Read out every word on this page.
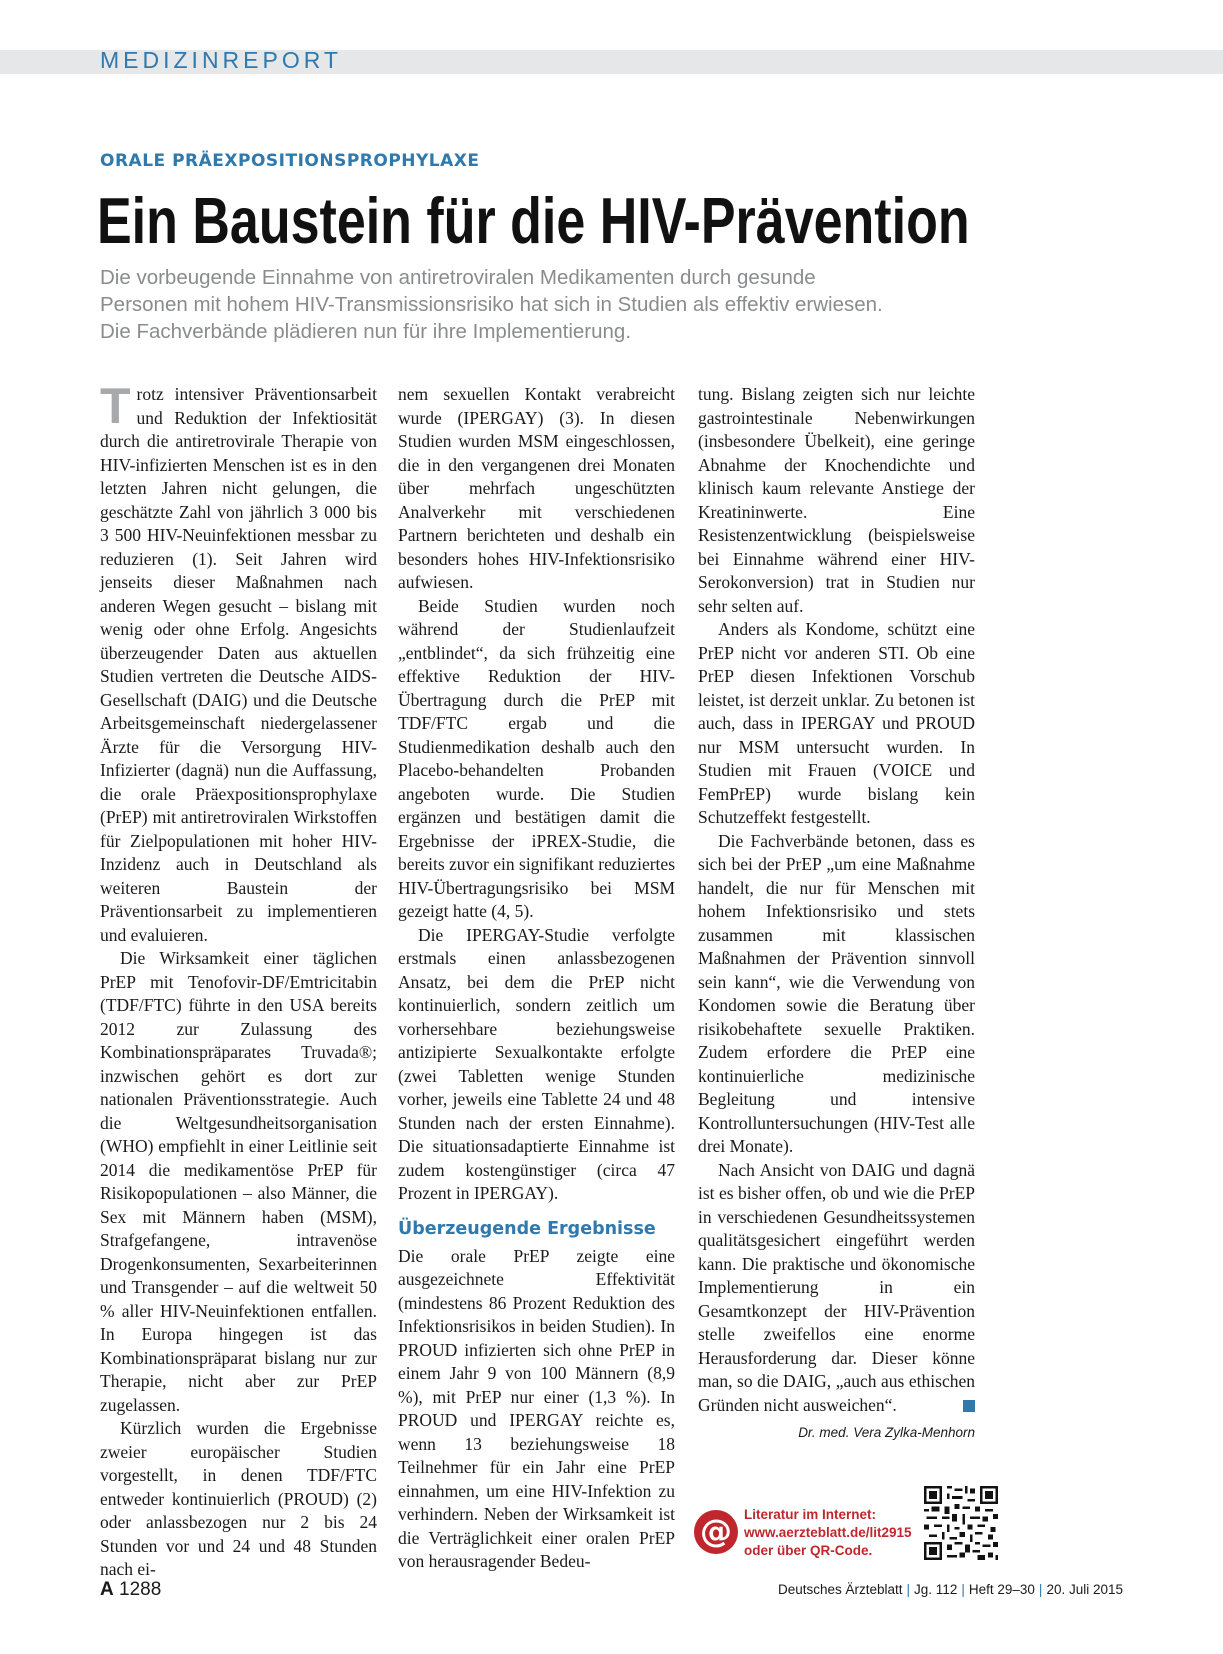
MEDIZINREPORT
ORALE PRÄEXPOSITIONSPROPHYLAXE
Ein Baustein für die HIV-Prävention

Die vorbeugende Einnahme von antiretroviralen Medikamenten durch gesunde Personen mit hohem HIV-Transmissionsrisiko hat sich in Studien als effektiv erwiesen. Die Fachverbände plädieren nun für ihre Implementierung.

Trotz intensiver Präventionsarbeit und Reduktion der Infektiosität durch die antiretrovirale Therapie von HIV-infizierten Menschen ist es in den letzten Jahren nicht gelungen, die geschätzte Zahl von jährlich 3 000 bis 3 500 HIV-Neuinfektionen messbar zu reduzieren (1). Seit Jahren wird jenseits dieser Maßnahmen nach anderen Wegen gesucht – bislang mit wenig oder ohne Erfolg. Angesichts überzeugender Daten aus aktuellen Studien vertreten die Deutsche AIDS-Gesellschaft (DAIG) und die Deutsche Arbeitsgemeinschaft niedergelassener Ärzte für die Versorgung HIV-Infizierter (dagnä) nun die Auffassung, die orale Präexpositionsprophylaxe (PrEP) mit antiretroviralen Wirkstoffen für Zielpopulationen mit hoher HIV-Inzidenz auch in Deutschland als weiteren Baustein der Präventionsarbeit zu implementieren und evaluieren.

Die Wirksamkeit einer täglichen PrEP mit Tenofovir-DF/Emtricitabin (TDF/FTC) führte in den USA bereits 2012 zur Zulassung des Kombinationspräparates Truvada®; inzwischen gehört es dort zur nationalen Präventionsstrategie. Auch die Weltgesundheitsorganisation (WHO) empfiehlt in einer Leitlinie seit 2014 die medikamentöse PrEP für Risikopopulationen – also Männer, die Sex mit Männern haben (MSM), Strafgefangene, intravenöse Drogenkonsumenten, Sexarbeiterinnen und Transgender – auf die weltweit 50 % aller HIV-Neuinfektionen entfallen. In Europa hingegen ist das Kombinationspräparat bislang nur zur Therapie, nicht aber zur PrEP zugelassen.

Kürzlich wurden die Ergebnisse zweier europäischer Studien vorgestellt, in denen TDF/FTC entweder kontinuierlich (PROUD) (2) oder anlassbezogen nur 2 bis 24 Stunden vor und 24 und 48 Stunden nach ei-

nem sexuellen Kontakt verabreicht wurde (IPERGAY) (3). In diesen Studien wurden MSM eingeschlossen, die in den vergangenen drei Monaten über mehrfach ungeschützten Analverkehr mit verschiedenen Partnern berichteten und deshalb ein besonders hohes HIV-Infektionsrisiko aufwiesen.

Beide Studien wurden noch während der Studienlaufzeit „entblindet“, da sich frühzeitig eine effektive Reduktion der HIV-Übertragung durch die PrEP mit TDF/FTC ergab und die Studienmedikation deshalb auch den Placebo-behandelten Probanden angeboten wurde. Die Studien ergänzen und bestätigen damit die Ergebnisse der iPREX-Studie, die bereits zuvor ein signifikant reduziertes HIV-Übertragungsrisiko bei MSM gezeigt hatte (4, 5).

Die IPERGAY-Studie verfolgte erstmals einen anlassbezogenen Ansatz, bei dem die PrEP nicht kontinuierlich, sondern zeitlich um vorhersehbare beziehungsweise antizipierte Sexualkontakte erfolgte (zwei Tabletten wenige Stunden vorher, jeweils eine Tablette 24 und 48 Stunden nach der ersten Einnahme). Die situationsadaptierte Einnahme ist zudem kostengünstiger (circa 47 Prozent in IPERGAY).

Überzeugende Ergebnisse

Die orale PrEP zeigte eine ausgezeichnete Effektivität (mindestens 86 Prozent Reduktion des Infektionsrisikos in beiden Studien). In PROUD infizierten sich ohne PrEP in einem Jahr 9 von 100 Männern (8,9 %), mit PrEP nur einer (1,3 %). In PROUD und IPERGAY reichte es, wenn 13 beziehungsweise 18 Teilnehmer für ein Jahr eine PrEP einnahmen, um eine HIV-Infektion zu verhindern. Neben der Wirksamkeit ist die Verträglichkeit einer oralen PrEP von herausragender Bedeu-

tung. Bislang zeigten sich nur leichte gastrointestinale Nebenwirkungen (insbesondere Übelkeit), eine geringe Abnahme der Knochendichte und klinisch kaum relevante Anstiege der Kreatininwerte. Eine Resistenzentwicklung (beispielsweise bei Einnahme während einer HIV-Serokonversion) trat in Studien nur sehr selten auf.

Anders als Kondome, schützt eine PrEP nicht vor anderen STI. Ob eine PrEP diesen Infektionen Vorschub leistet, ist derzeit unklar. Zu betonen ist auch, dass in IPERGAY und PROUD nur MSM untersucht wurden. In Studien mit Frauen (VOICE und FemPrEP) wurde bislang kein Schutzeffekt festgestellt.

Die Fachverbände betonen, dass es sich bei der PrEP „um eine Maßnahme handelt, die nur für Menschen mit hohem Infektionsrisiko und stets zusammen mit klassischen Maßnahmen der Prävention sinnvoll sein kann“, wie die Verwendung von Kondomen sowie die Beratung über risikobehaftete sexuelle Praktiken. Zudem erfordere die PrEP eine kontinuierliche medizinische Begleitung und intensive Kontrolluntersuchungen (HIV-Test alle drei Monate).

Nach Ansicht von DAIG und dagnä ist es bisher offen, ob und wie die PrEP in verschiedenen Gesundheitssystemen qualitätsgesichert eingeführt werden kann. Die praktische und ökonomische Implementierung in ein Gesamtkonzept der HIV-Prävention stelle zweifellos eine enorme Herausforderung dar. Dieser könne man, so die DAIG, „auch aus ethischen Gründen nicht ausweichen“.

Dr. med. Vera Zylka-Menhorn
@ Literatur im Internet:
www.aerzteblatt.de/lit2915
oder über QR-Code.
A 1288	Deutsches Ärzteblatt | Jg. 112 | Heft 29–30 | 20. Juli 2015
